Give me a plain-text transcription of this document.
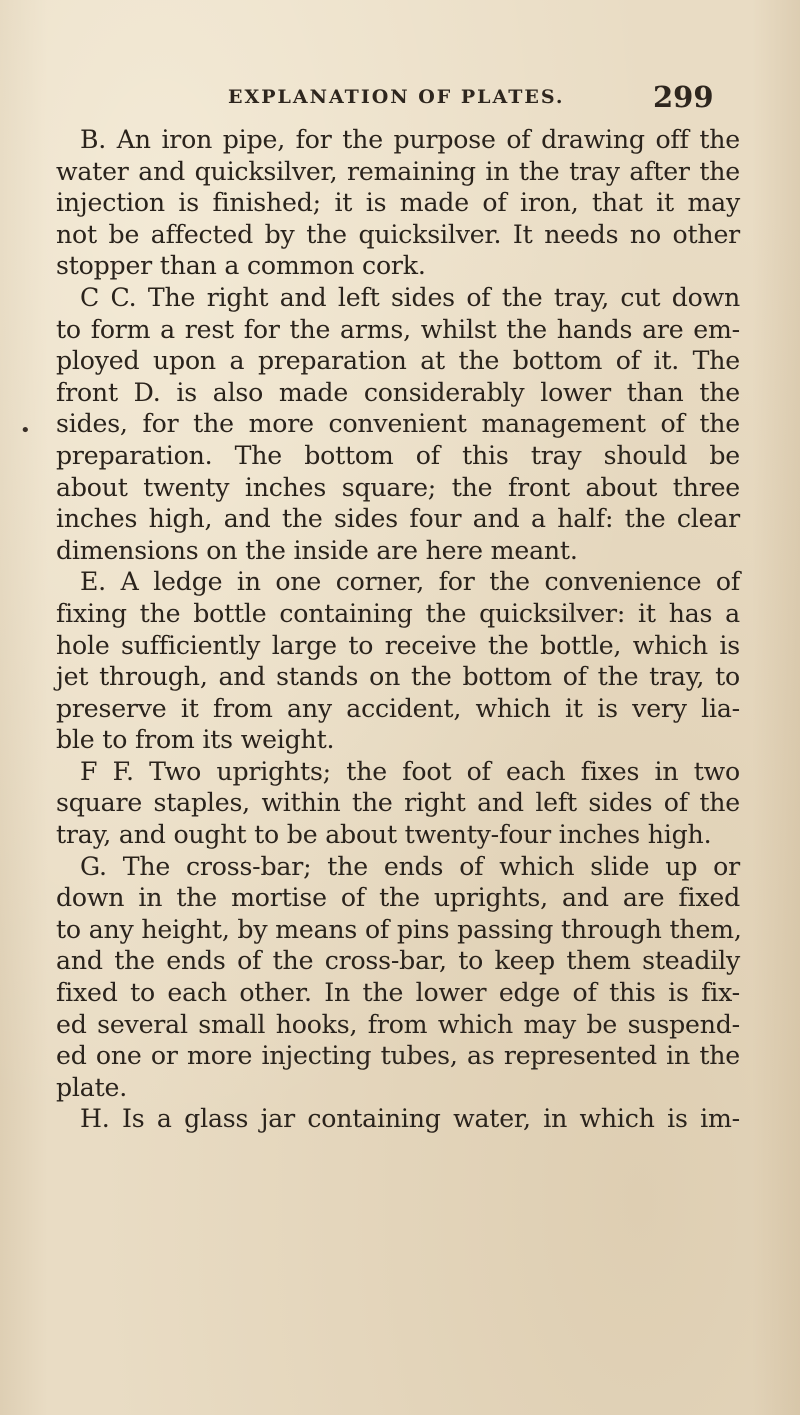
EXPLANATION OF PLATES.	299
•
B. An iron pipe, for the purpose of drawing off the
water and quicksilver, remaining in the tray after the
injection is finished; it is made of iron, that it may
not be affected by the quicksilver. It needs no other
stopper than a common cork.
C C. The right and left sides of the tray, cut down
to form a rest for the arms, whilst the hands are em-
ployed upon a preparation at the bottom of it. The
front D. is also made considerably lower than the
sides, for the more convenient management of the
preparation. The bottom of this tray should be
about twenty inches square; the front about three
inches high, and the sides four and a half: the clear
dimensions on the inside are here meant.
E. A ledge in one corner, for the convenience of
fixing the bottle containing the quicksilver: it has a
hole sufficiently large to receive the bottle, which is
jet through, and stands on the bottom of the tray, to
preserve it from any accident, which it is very lia-
ble to from its weight.
F F. Two uprights; the foot of each fixes in two
square staples, within the right and left sides of the
tray, and ought to be about twenty-four inches high.
G. The cross-bar; the ends of which slide up or
down in the mortise of the uprights, and are fixed
to any height, by means of pins passing through them,
and the ends of the cross-bar, to keep them steadily
fixed to each other. In the lower edge of this is fix-
ed several small hooks, from which may be suspend-
ed one or more injecting tubes, as represented in the
plate.
H. Is a glass jar containing water, in which is im-
